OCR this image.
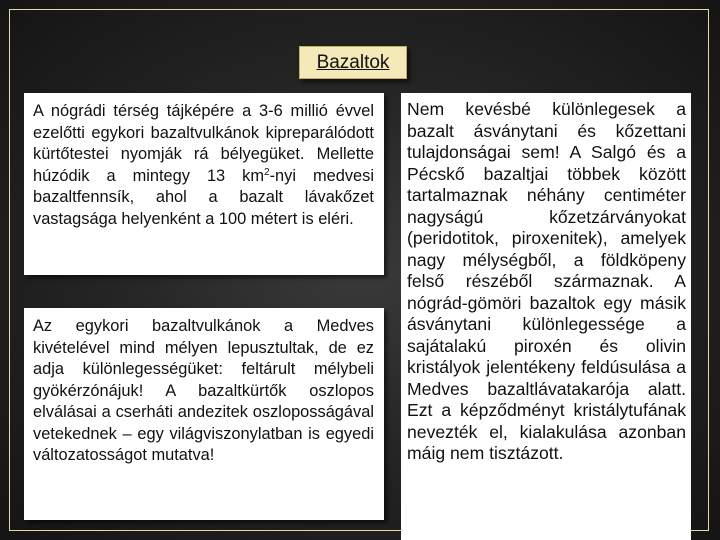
Bazaltok

A nógrádi térség tájképére a 3-6 millió évvel ezelőtti egykori bazaltvulkánok kipreparálódott kürtőtestei nyomják rá bélyegüket. Mellette húzódik a mintegy 13 $km^2$-nyi medvesi bazaltfennsík, ahol a bazalt lávakőzet vastagsága helyenként a 100 métert is eléri.

Az egykori bazaltvulkánok a Medves kivételével mind mélyen lepusztultak, de ez adja különlegességüket: feltárult mélybeli gyökérzónájuk! A bazaltkürtők oszlopos elválásai a cserháti andezitek oszloposságával vetekednek – egy világviszonylatban is egyedi változatosságot mutatva!

Nem kevésbé különlegesek a bazalt ásványtani és kőzettani tulajdonságai sem! A Salgó és a Pécskő bazaltjai többek között tartalmaznak néhány centiméter nagyságú kőzetzárványokat (peridotitok, piroxenitek), amelyek nagy mélységből, a földköpeny felső részéből származnak. A nógrád-gömöri bazaltok egy másik ásványtani különlegessége a sajátalakú piroxén és olivin kristályok jelentékeny feldúsulása a Medves bazaltlávatakarója alatt. Ezt a képződményt kristálytufának nevezték el, kialakulása azonban máig nem tisztázott.
